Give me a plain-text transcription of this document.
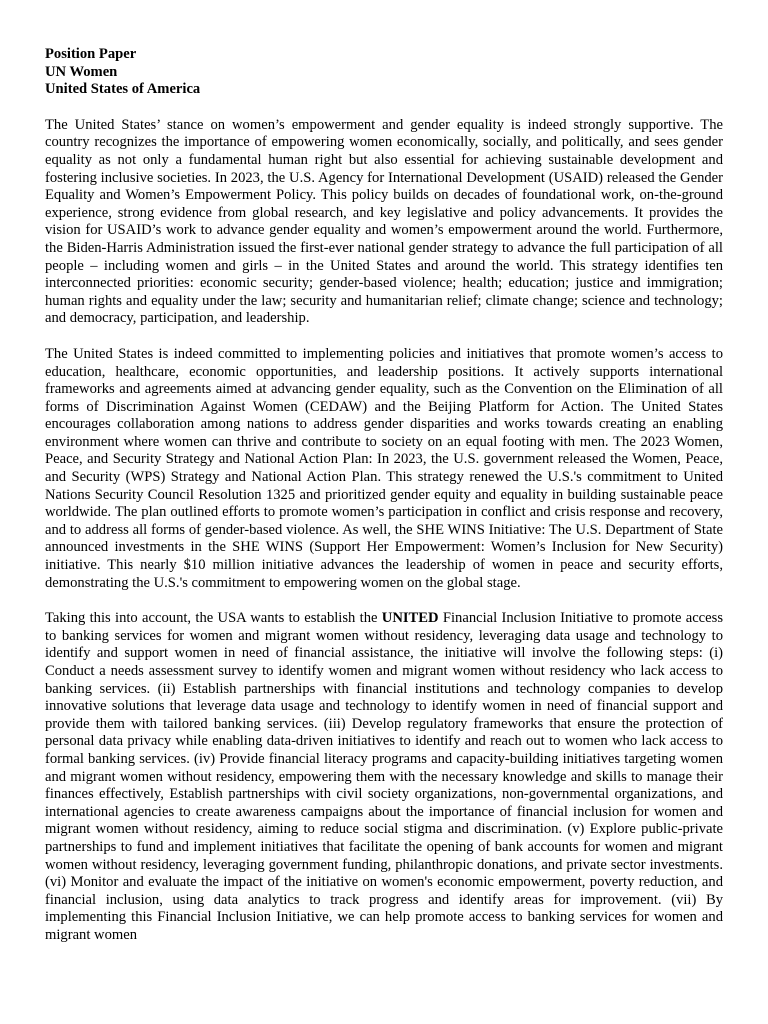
Position Paper

UN Women

United States of America

The United States’ stance on women’s empowerment and gender equality is indeed strongly supportive. The country recognizes the importance of empowering women economically, socially, and politically, and sees gender equality as not only a fundamental human right but also essential for achieving sustainable development and fostering inclusive societies. In 2023, the U.S. Agency for International Development (USAID) released the Gender Equality and Women’s Empowerment Policy. This policy builds on decades of foundational work, on-the-ground experience, strong evidence from global research, and key legislative and policy advancements. It provides the vision for USAID’s work to advance gender equality and women’s empowerment around the world. Furthermore, the Biden-Harris Administration issued the first-ever national gender strategy to advance the full participation of all people – including women and girls – in the United States and around the world. This strategy identifies ten interconnected priorities: economic security; gender-based violence; health; education; justice and immigration; human rights and equality under the law; security and humanitarian relief; climate change; science and technology; and democracy, participation, and leadership.

The United States is indeed committed to implementing policies and initiatives that promote women’s access to education, healthcare, economic opportunities, and leadership positions. It actively supports international frameworks and agreements aimed at advancing gender equality, such as the Convention on the Elimination of all forms of Discrimination Against Women (CEDAW) and the Beijing Platform for Action. The United States encourages collaboration among nations to address gender disparities and works towards creating an enabling environment where women can thrive and contribute to society on an equal footing with men. The 2023 Women, Peace, and Security Strategy and National Action Plan: In 2023, the U.S. government released the Women, Peace, and Security (WPS) Strategy and National Action Plan. This strategy renewed the U.S.'s commitment to United Nations Security Council Resolution 1325 and prioritized gender equity and equality in building sustainable peace worldwide. The plan outlined efforts to promote women’s participation in conflict and crisis response and recovery, and to address all forms of gender-based violence. As well, the SHE WINS Initiative: The U.S. Department of State announced investments in the SHE WINS (Support Her Empowerment: Women’s Inclusion for New Security) initiative. This nearly $10 million initiative advances the leadership of women in peace and security efforts, demonstrating the U.S.'s commitment to empowering women on the global stage.

Taking this into account, the USA wants to establish the UNITED Financial Inclusion Initiative to promote access to banking services for women and migrant women without residency, leveraging data usage and technology to identify and support women in need of financial assistance, the initiative will involve the following steps: (i) Conduct a needs assessment survey to identify women and migrant women without residency who lack access to banking services. (ii) Establish partnerships with financial institutions and technology companies to develop innovative solutions that leverage data usage and technology to identify women in need of financial support and provide them with tailored banking services. (iii) Develop regulatory frameworks that ensure the protection of personal data privacy while enabling data-driven initiatives to identify and reach out to women who lack access to formal banking services. (iv) Provide financial literacy programs and capacity-building initiatives targeting women and migrant women without residency, empowering them with the necessary knowledge and skills to manage their finances effectively, Establish partnerships with civil society organizations, non-governmental organizations, and international agencies to create awareness campaigns about the importance of financial inclusion for women and migrant women without residency, aiming to reduce social stigma and discrimination. (v) Explore public-private partnerships to fund and implement initiatives that facilitate the opening of bank accounts for women and migrant women without residency, leveraging government funding, philanthropic donations, and private sector investments. (vi) Monitor and evaluate the impact of the initiative on women's economic empowerment, poverty reduction, and financial inclusion, using data analytics to track progress and identify areas for improvement. (vii) By implementing this Financial Inclusion Initiative, we can help promote access to banking services for women and migrant women
